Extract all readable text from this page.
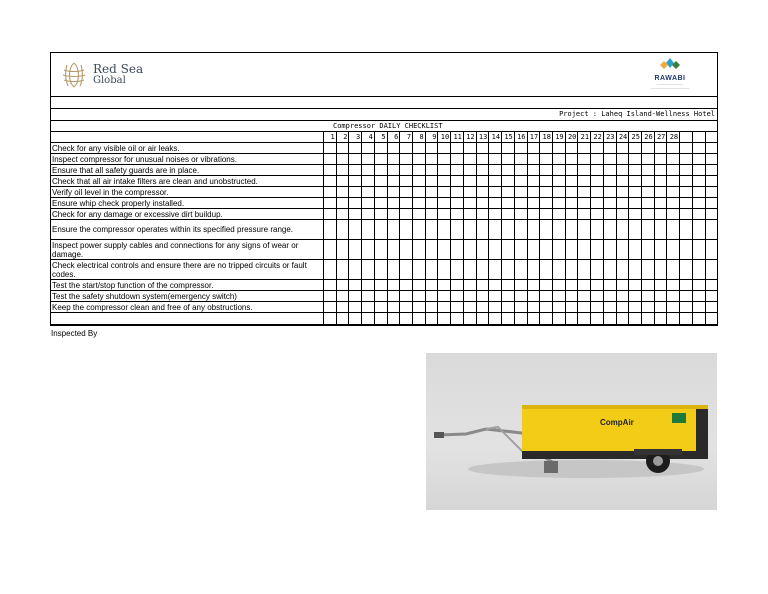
Red Sea
Global	RAWABI
────────────
──────────────────
Project : Laheq Island-Wellness Hotel
Compressor DAILY CHECKLIST
	1	2	3	4	5	6	7	8	9	10	11	12	13	14	15	16	17	18	19	20	21	22	23	24	25	26	27	28			
Check for any visible oil or air leaks.																															
Inspect compressor for unusual noises or vibrations.																															
Ensure that all safety guards are in place.																															
Check that all air intake filters are clean and unobstructed.																															
Verify oil level in the compressor.																															
Ensure whip check properly installed.																															
Check for any damage or excessive dirt buildup.																															
Ensure the compressor operates within its specified pressure range.																															
Inspect power supply cables and connections for any signs of wear or damage.																															
Check electrical controls and ensure there are no tripped circuits or fault codes.																															
Test the start/stop function of the compressor.																															
Test the safety shutdown system(emergency switch)																															
Keep the compressor clean and free of any obstructions.																															

Inspected By
CompAir
